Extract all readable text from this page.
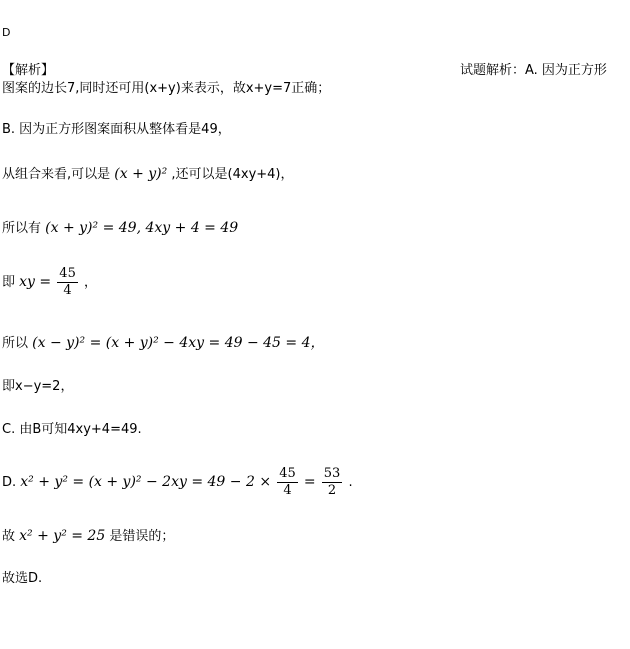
D
【解析】	试题解析：A. 因为正方形
图案的边长7,同时还可用(x+y)来表示，故x+y=7正确；
B. 因为正方形图案面积从整体看是49，
从组合来看,可以是 (x + y)² ,还可以是(4xy+4)，
所以有 (x + y)² = 49, 4xy + 4 = 49
即 xy = $\frac{45}{4}$ ，
所以 (x − y)² = (x + y)² − 4xy = 49 − 45 = 4，
即x−y=2，
C. 由B可知4xy+4=49.
D. $x^2 + y^2 = (x + y)^2 - 2xy = 49 - 2 \times \frac{45}{4} = \frac{53}{2}$ .
故 x² + y² = 25 是错误的；
故选D.
